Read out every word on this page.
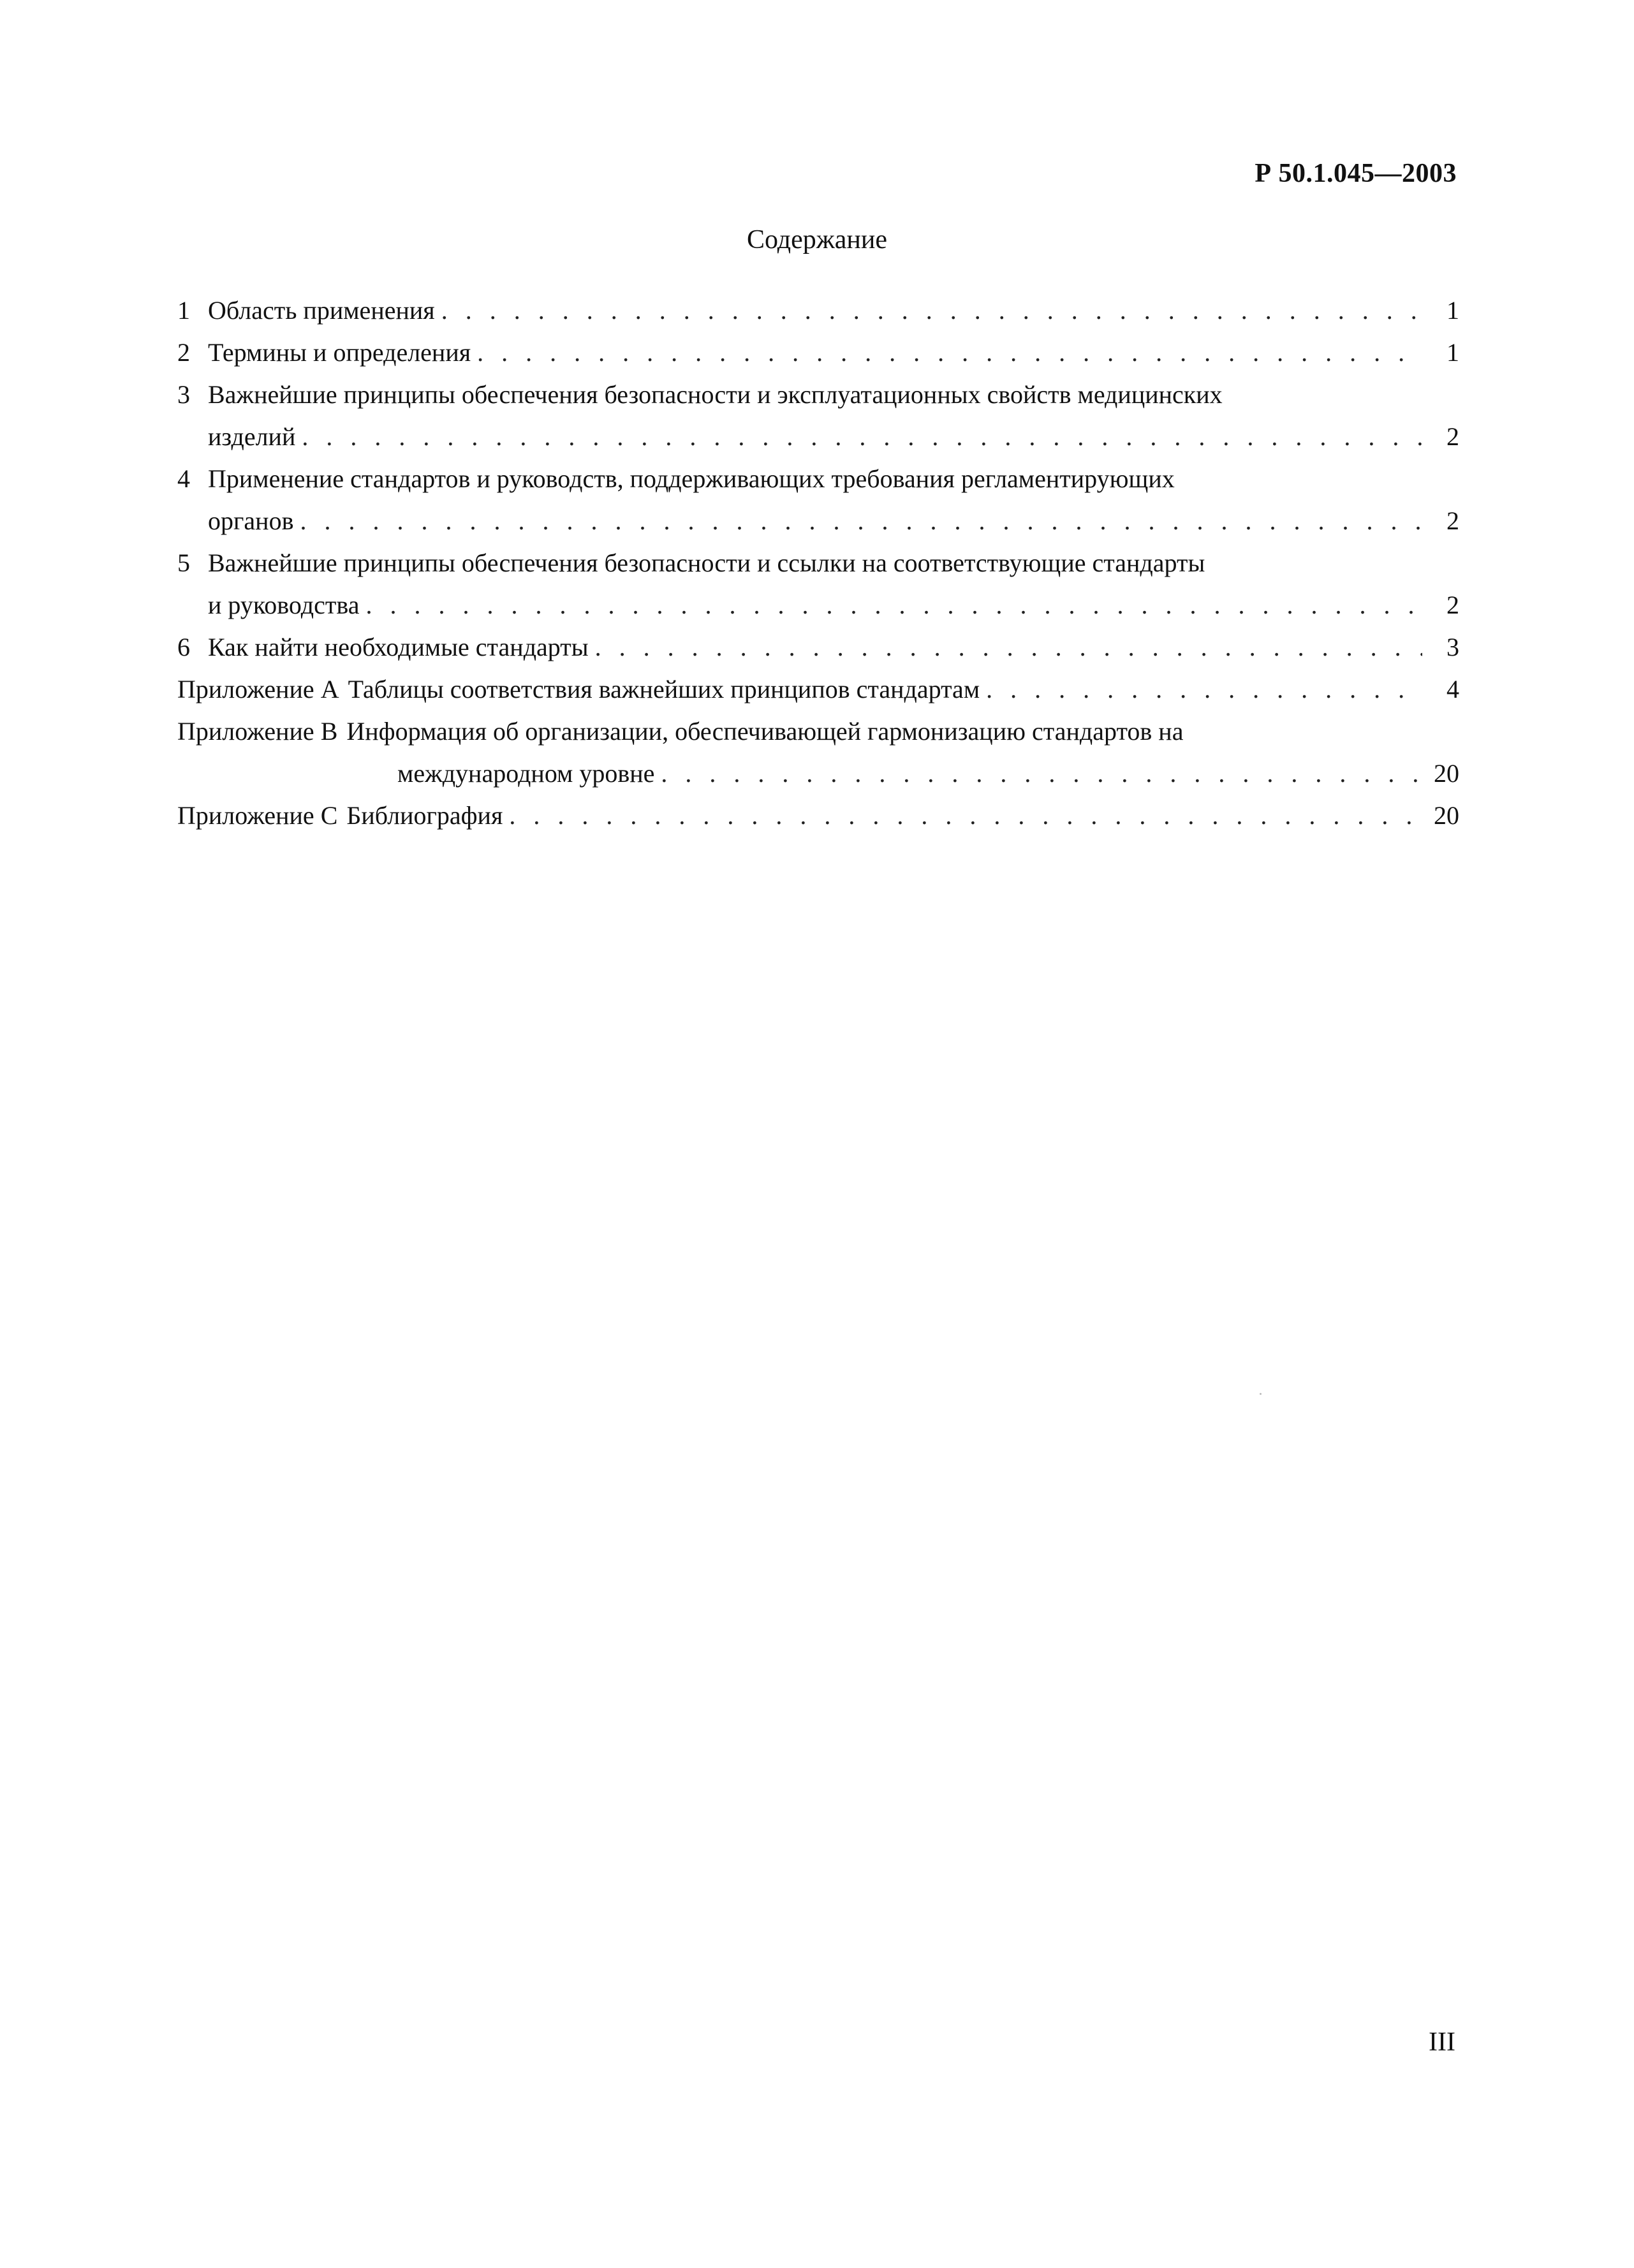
Р 50.1.045—2003
Содержание
1 Область применения . . .	1
2 Термины и определения . . .	1
3 Важнейшие принципы обеспечения безопасности и эксплуатационных свойств медицинских
изделий . . .	2
4 Применение стандартов и руководств, поддерживающих требования регламентирующих
органов . . .	2
5 Важнейшие принципы обеспечения безопасности и ссылки на соответствующие стандарты
и руководства . . .	2
6 Как найти необходимые стандарты . . .	3
Приложение А Таблицы соответствия важнейших принципов стандартам . . .	4
Приложение В Информация об организации, обеспечивающей гармонизацию стандартов на
международном уровне . . .	20
Приложение С Библиография . . .	20
III
